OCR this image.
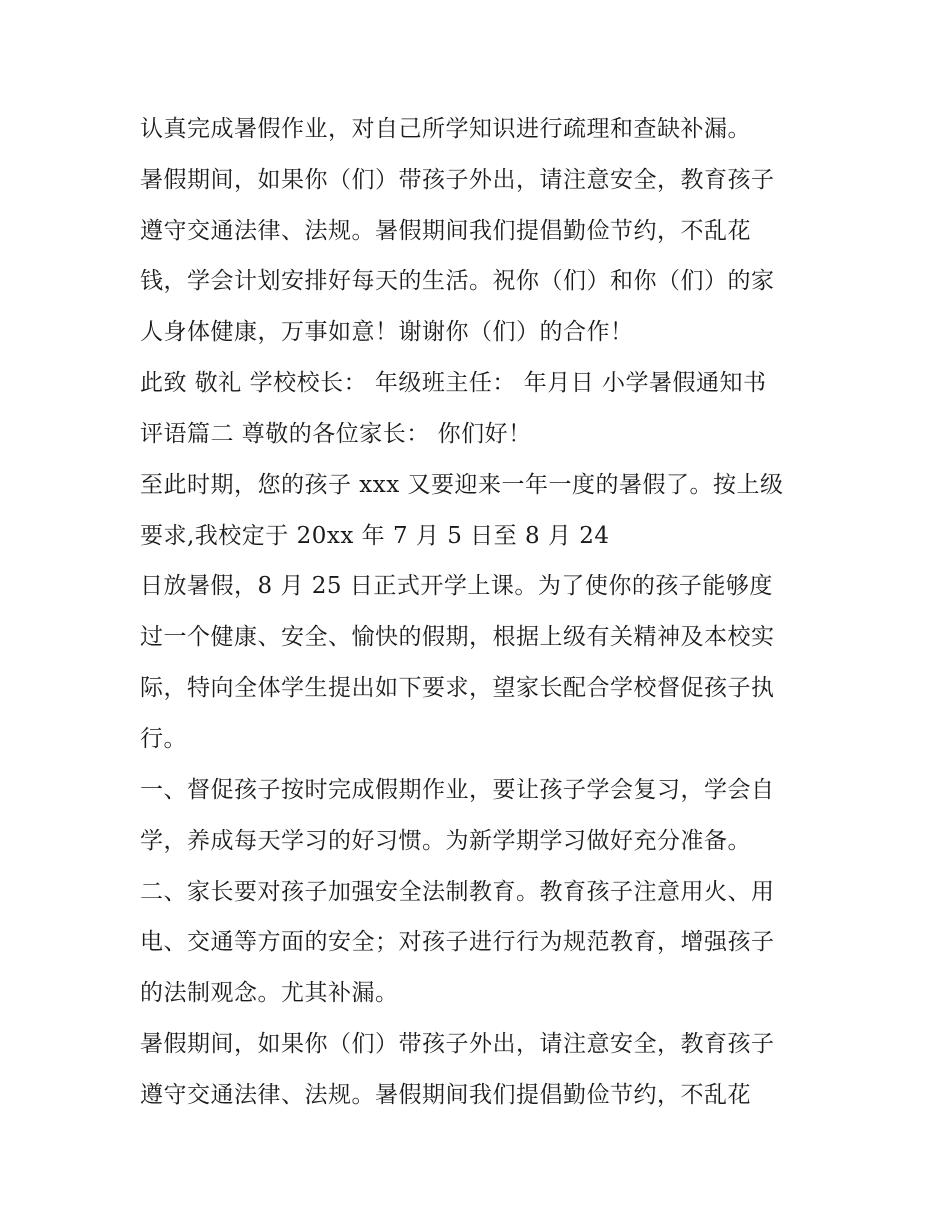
认真完成暑假作业，对自己所学知识进行疏理和查缺补漏。
暑假期间，如果你（们）带孩子外出，请注意安全，教育孩子
遵守交通法律、法规。暑假期间我们提倡勤俭节约，不乱花
钱，学会计划安排好每天的生活。祝你（们）和你（们）的家
人身体健康，万事如意！谢谢你（们）的合作！
此致 敬礼 学校校长： 年级班主任： 年月日 小学暑假通知书
评语篇二 尊敬的各位家长： 你们好！
至此时期，您的孩子 xxx 又要迎来一年一度的暑假了。按上级
要求,我校定于 20xx 年 7 月 5 日至 8 月 24
日放暑假，8 月 25 日正式开学上课。为了使你的孩子能够度
过一个健康、安全、愉快的假期，根据上级有关精神及本校实
际，特向全体学生提出如下要求，望家长配合学校督促孩子执
行。
一、督促孩子按时完成假期作业，要让孩子学会复习，学会自
学，养成每天学习的好习惯。为新学期学习做好充分准备。
二、家长要对孩子加强安全法制教育。教育孩子注意用火、用
电、交通等方面的安全；对孩子进行行为规范教育，增强孩子
的法制观念。尤其补漏。
暑假期间，如果你（们）带孩子外出，请注意安全，教育孩子
遵守交通法律、法规。暑假期间我们提倡勤俭节约，不乱花
